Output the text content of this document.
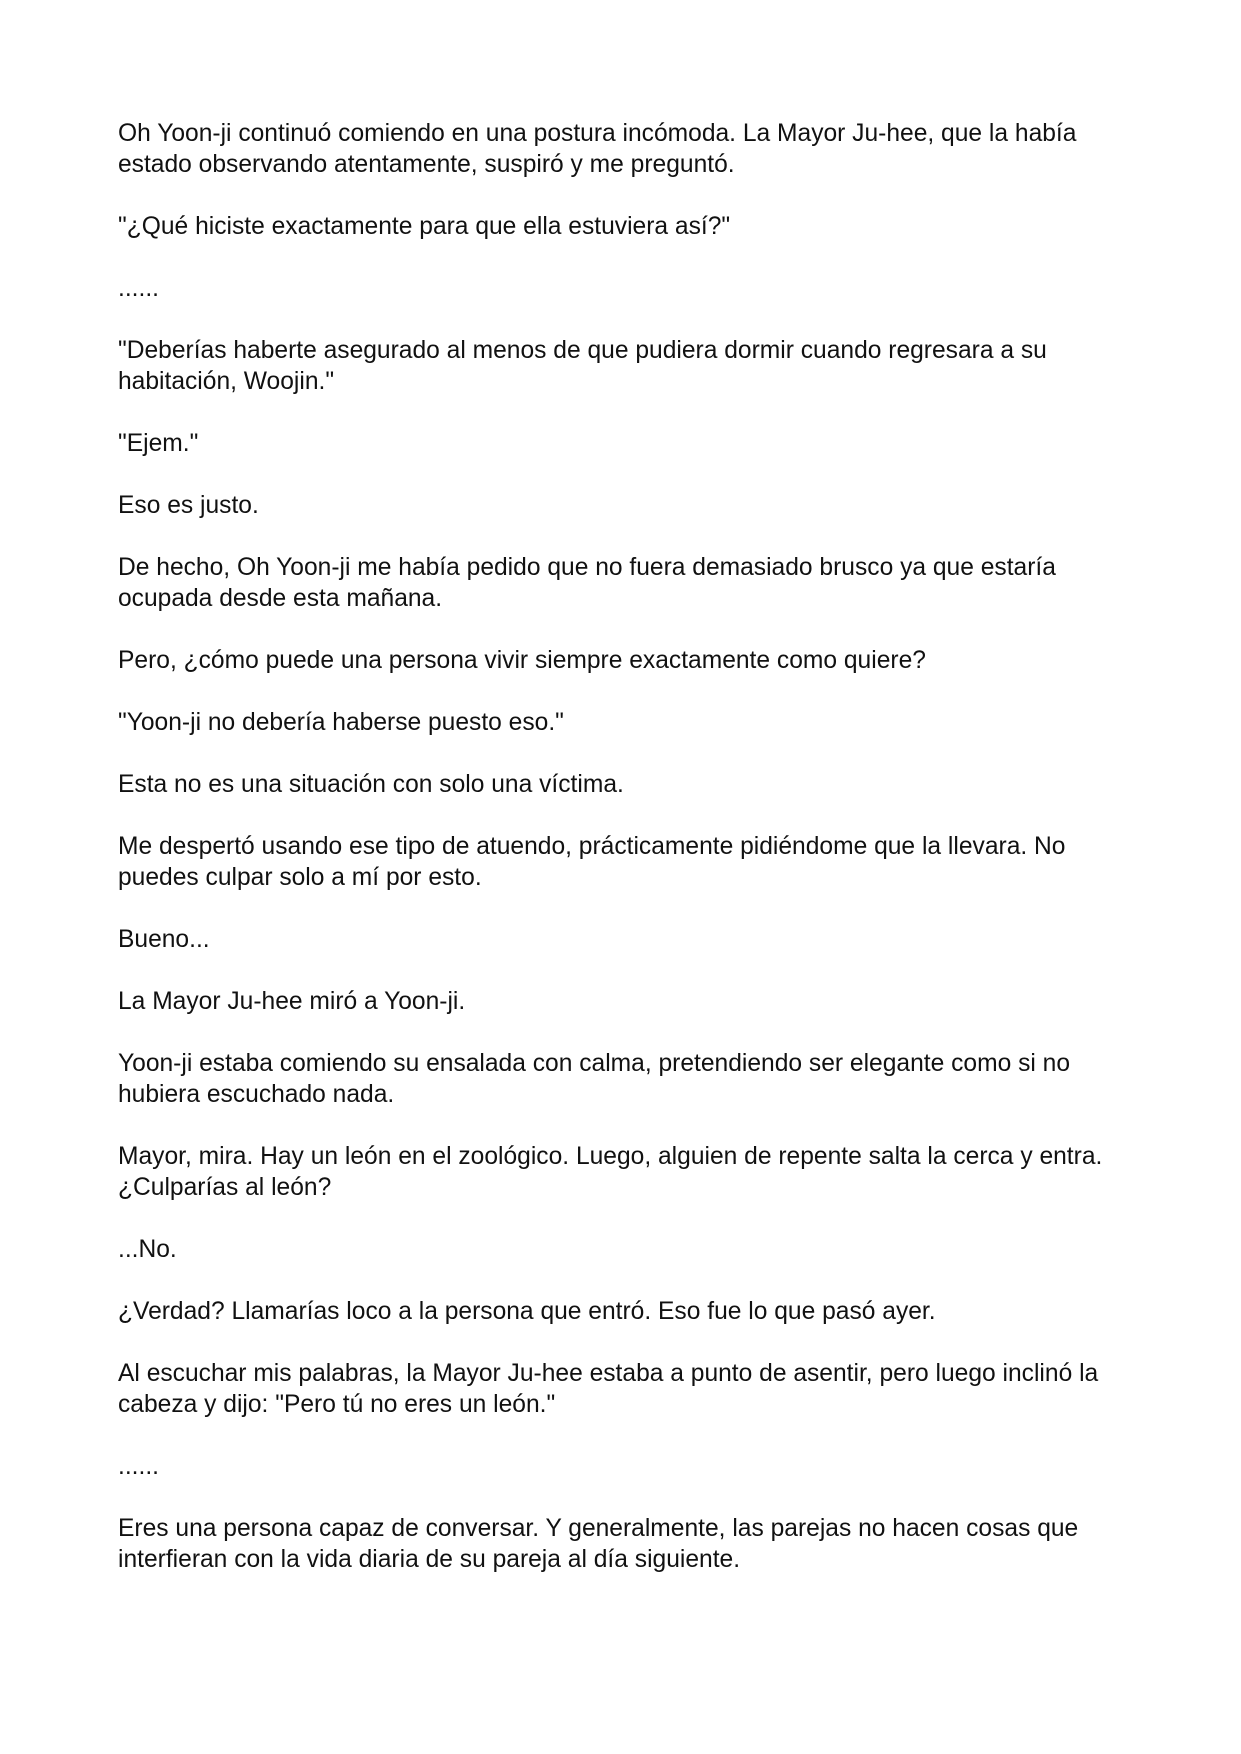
Oh Yoon-ji continuó comiendo en una postura incómoda. La Mayor Ju-hee, que la había estado observando atentamente, suspiró y me preguntó.

"¿Qué hiciste exactamente para que ella estuviera así?"

......

"Deberías haberte asegurado al menos de que pudiera dormir cuando regresara a su habitación, Woojin."

"Ejem."

Eso es justo.

De hecho, Oh Yoon-ji me había pedido que no fuera demasiado brusco ya que estaría ocupada desde esta mañana.

Pero, ¿cómo puede una persona vivir siempre exactamente como quiere?

"Yoon-ji no debería haberse puesto eso."

Esta no es una situación con solo una víctima.

Me despertó usando ese tipo de atuendo, prácticamente pidiéndome que la llevara. No puedes culpar solo a mí por esto.

Bueno...

La Mayor Ju-hee miró a Yoon-ji.

Yoon-ji estaba comiendo su ensalada con calma, pretendiendo ser elegante como si no hubiera escuchado nada.

Mayor, mira. Hay un león en el zoológico. Luego, alguien de repente salta la cerca y entra. ¿Culparías al león?

...No.

¿Verdad? Llamarías loco a la persona que entró. Eso fue lo que pasó ayer.

Al escuchar mis palabras, la Mayor Ju-hee estaba a punto de asentir, pero luego inclinó la cabeza y dijo: "Pero tú no eres un león."

......

Eres una persona capaz de conversar. Y generalmente, las parejas no hacen cosas que interfieran con la vida diaria de su pareja al día siguiente.
